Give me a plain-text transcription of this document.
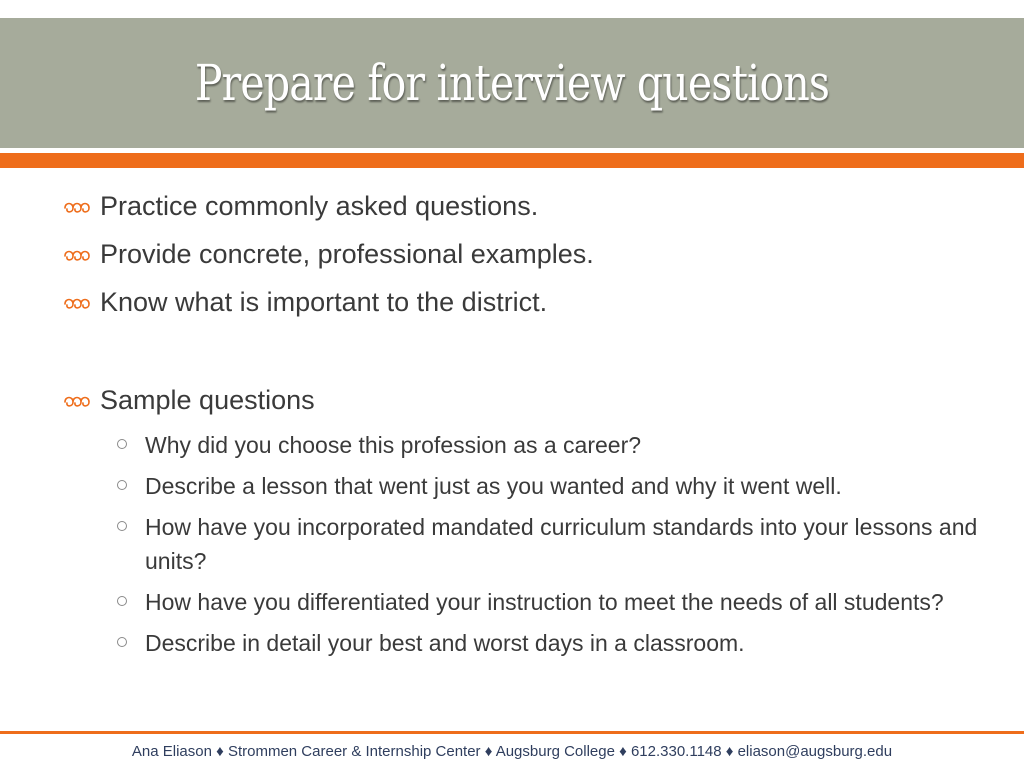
Prepare for interview questions
Practice commonly asked questions.
Provide concrete, professional examples.
Know what is important to the district.
Sample questions
Why did you choose this profession as a career?
Describe a lesson that went just as you wanted and why it went well.
How have you incorporated mandated curriculum standards into your lessons and units?
How have you differentiated your instruction to meet the needs of all students?
Describe in detail your best and worst days in a classroom.
Ana Eliason ♦ Strommen Career & Internship Center ♦ Augsburg College ♦ 612.330.1148 ♦ eliason@augsburg.edu
